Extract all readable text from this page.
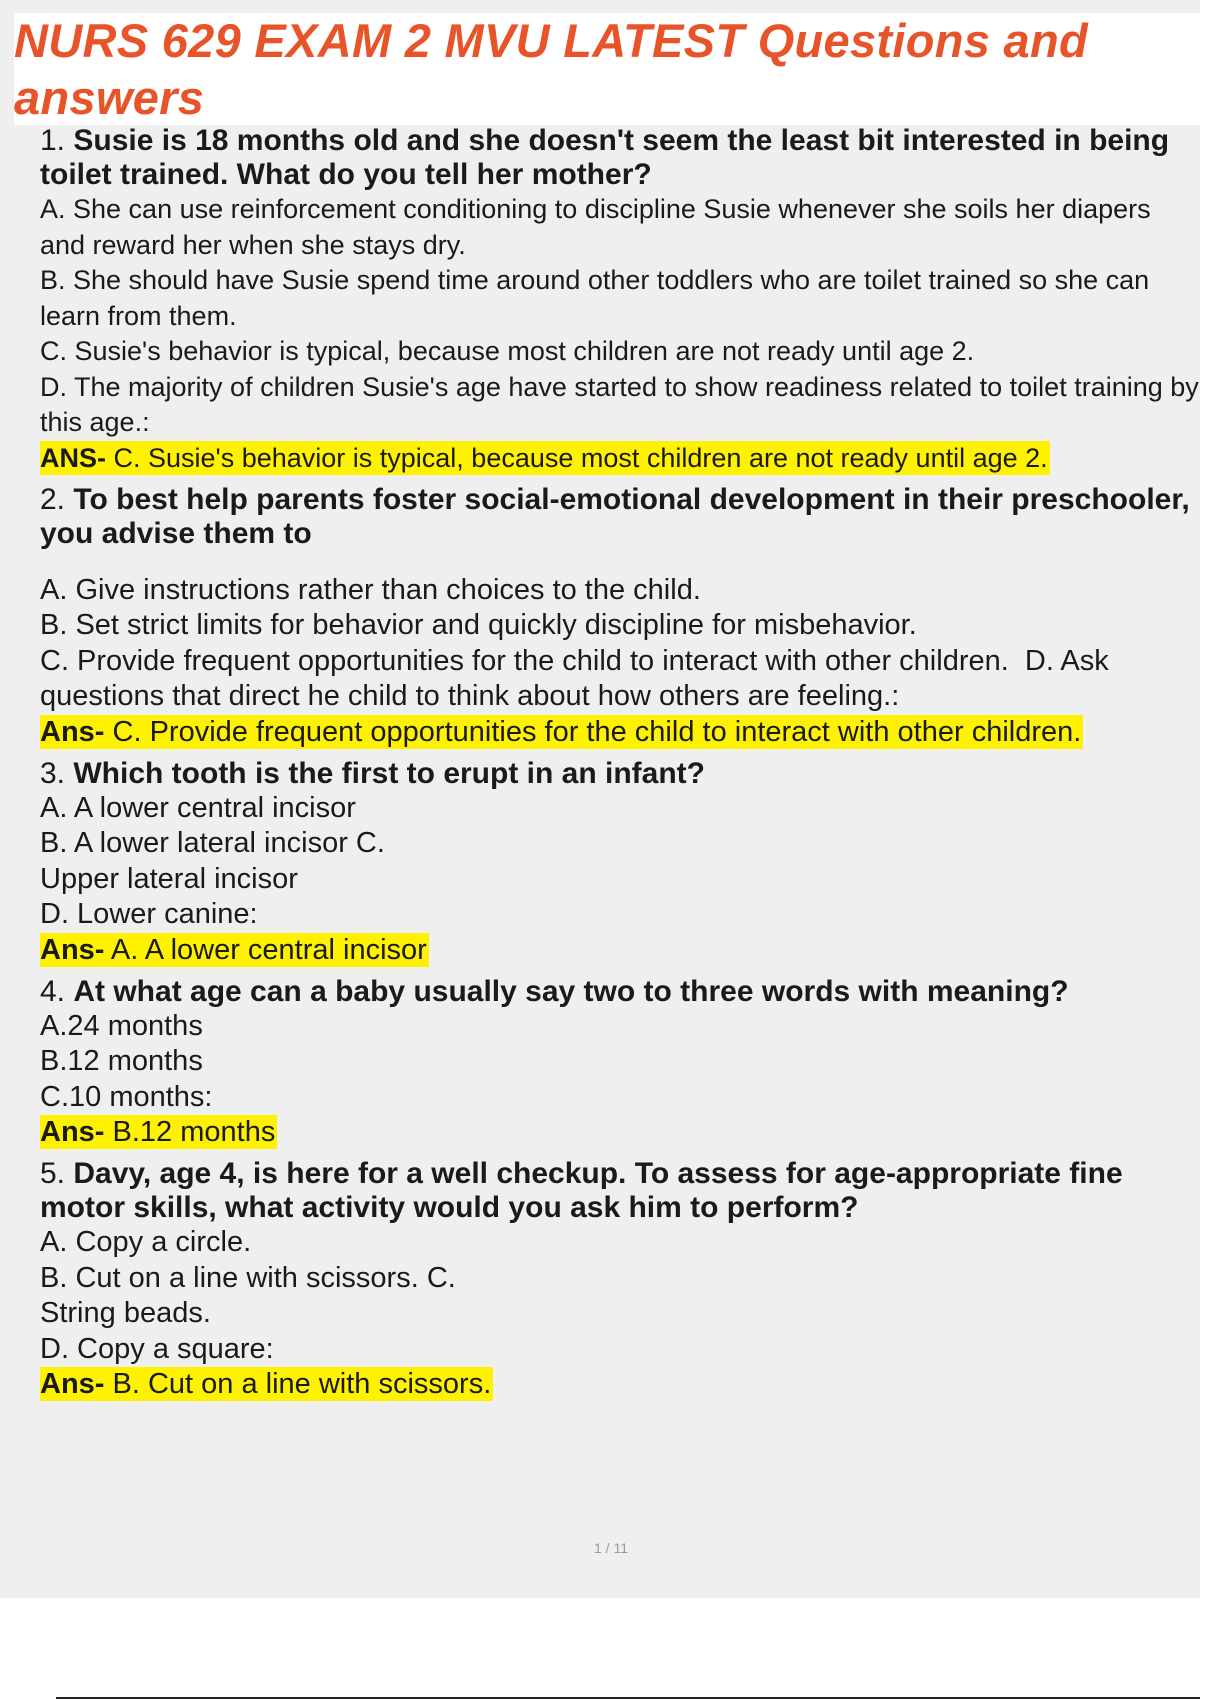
NURS 629 EXAM 2 MVU LATEST Questions and answers

1. Susie is 18 months old and she doesn't seem the least bit interested in being toilet trained. What do you tell her mother?

A. She can use reinforcement conditioning to discipline Susie whenever she soils her diapers and reward her when she stays dry.

B. She should have Susie spend time around other toddlers who are toilet trained so she can learn from them.

C. Susie's behavior is typical, because most children are not ready until age 2.

D. The majority of children Susie's age have started to show readiness related to toilet training by this age.:

ANS- C. Susie's behavior is typical, because most children are not ready until age 2.

2. To best help parents foster social-emotional development in their preschooler, you advise them to

A. Give instructions rather than choices to the child.

B. Set strict limits for behavior and quickly discipline for misbehavior.

C. Provide frequent opportunities for the child to interact with other children.  D. Ask questions that direct he child to think about how others are feeling.:

Ans- C. Provide frequent opportunities for the child to interact with other children.

3. Which tooth is the first to erupt in an infant?

A. A lower central incisor

B. A lower lateral incisor C.

Upper lateral incisor

D. Lower canine:

Ans- A. A lower central incisor

4. At what age can a baby usually say two to three words with meaning?

A.24 months

B.12 months

C.10 months:

Ans- B.12 months

5. Davy, age 4, is here for a well checkup. To assess for age-appropriate fine motor skills, what activity would you ask him to perform?

A. Copy a circle.

B. Cut on a line with scissors. C.

String beads.

D. Copy a square:

Ans- B. Cut on a line with scissors.
1 / 11
